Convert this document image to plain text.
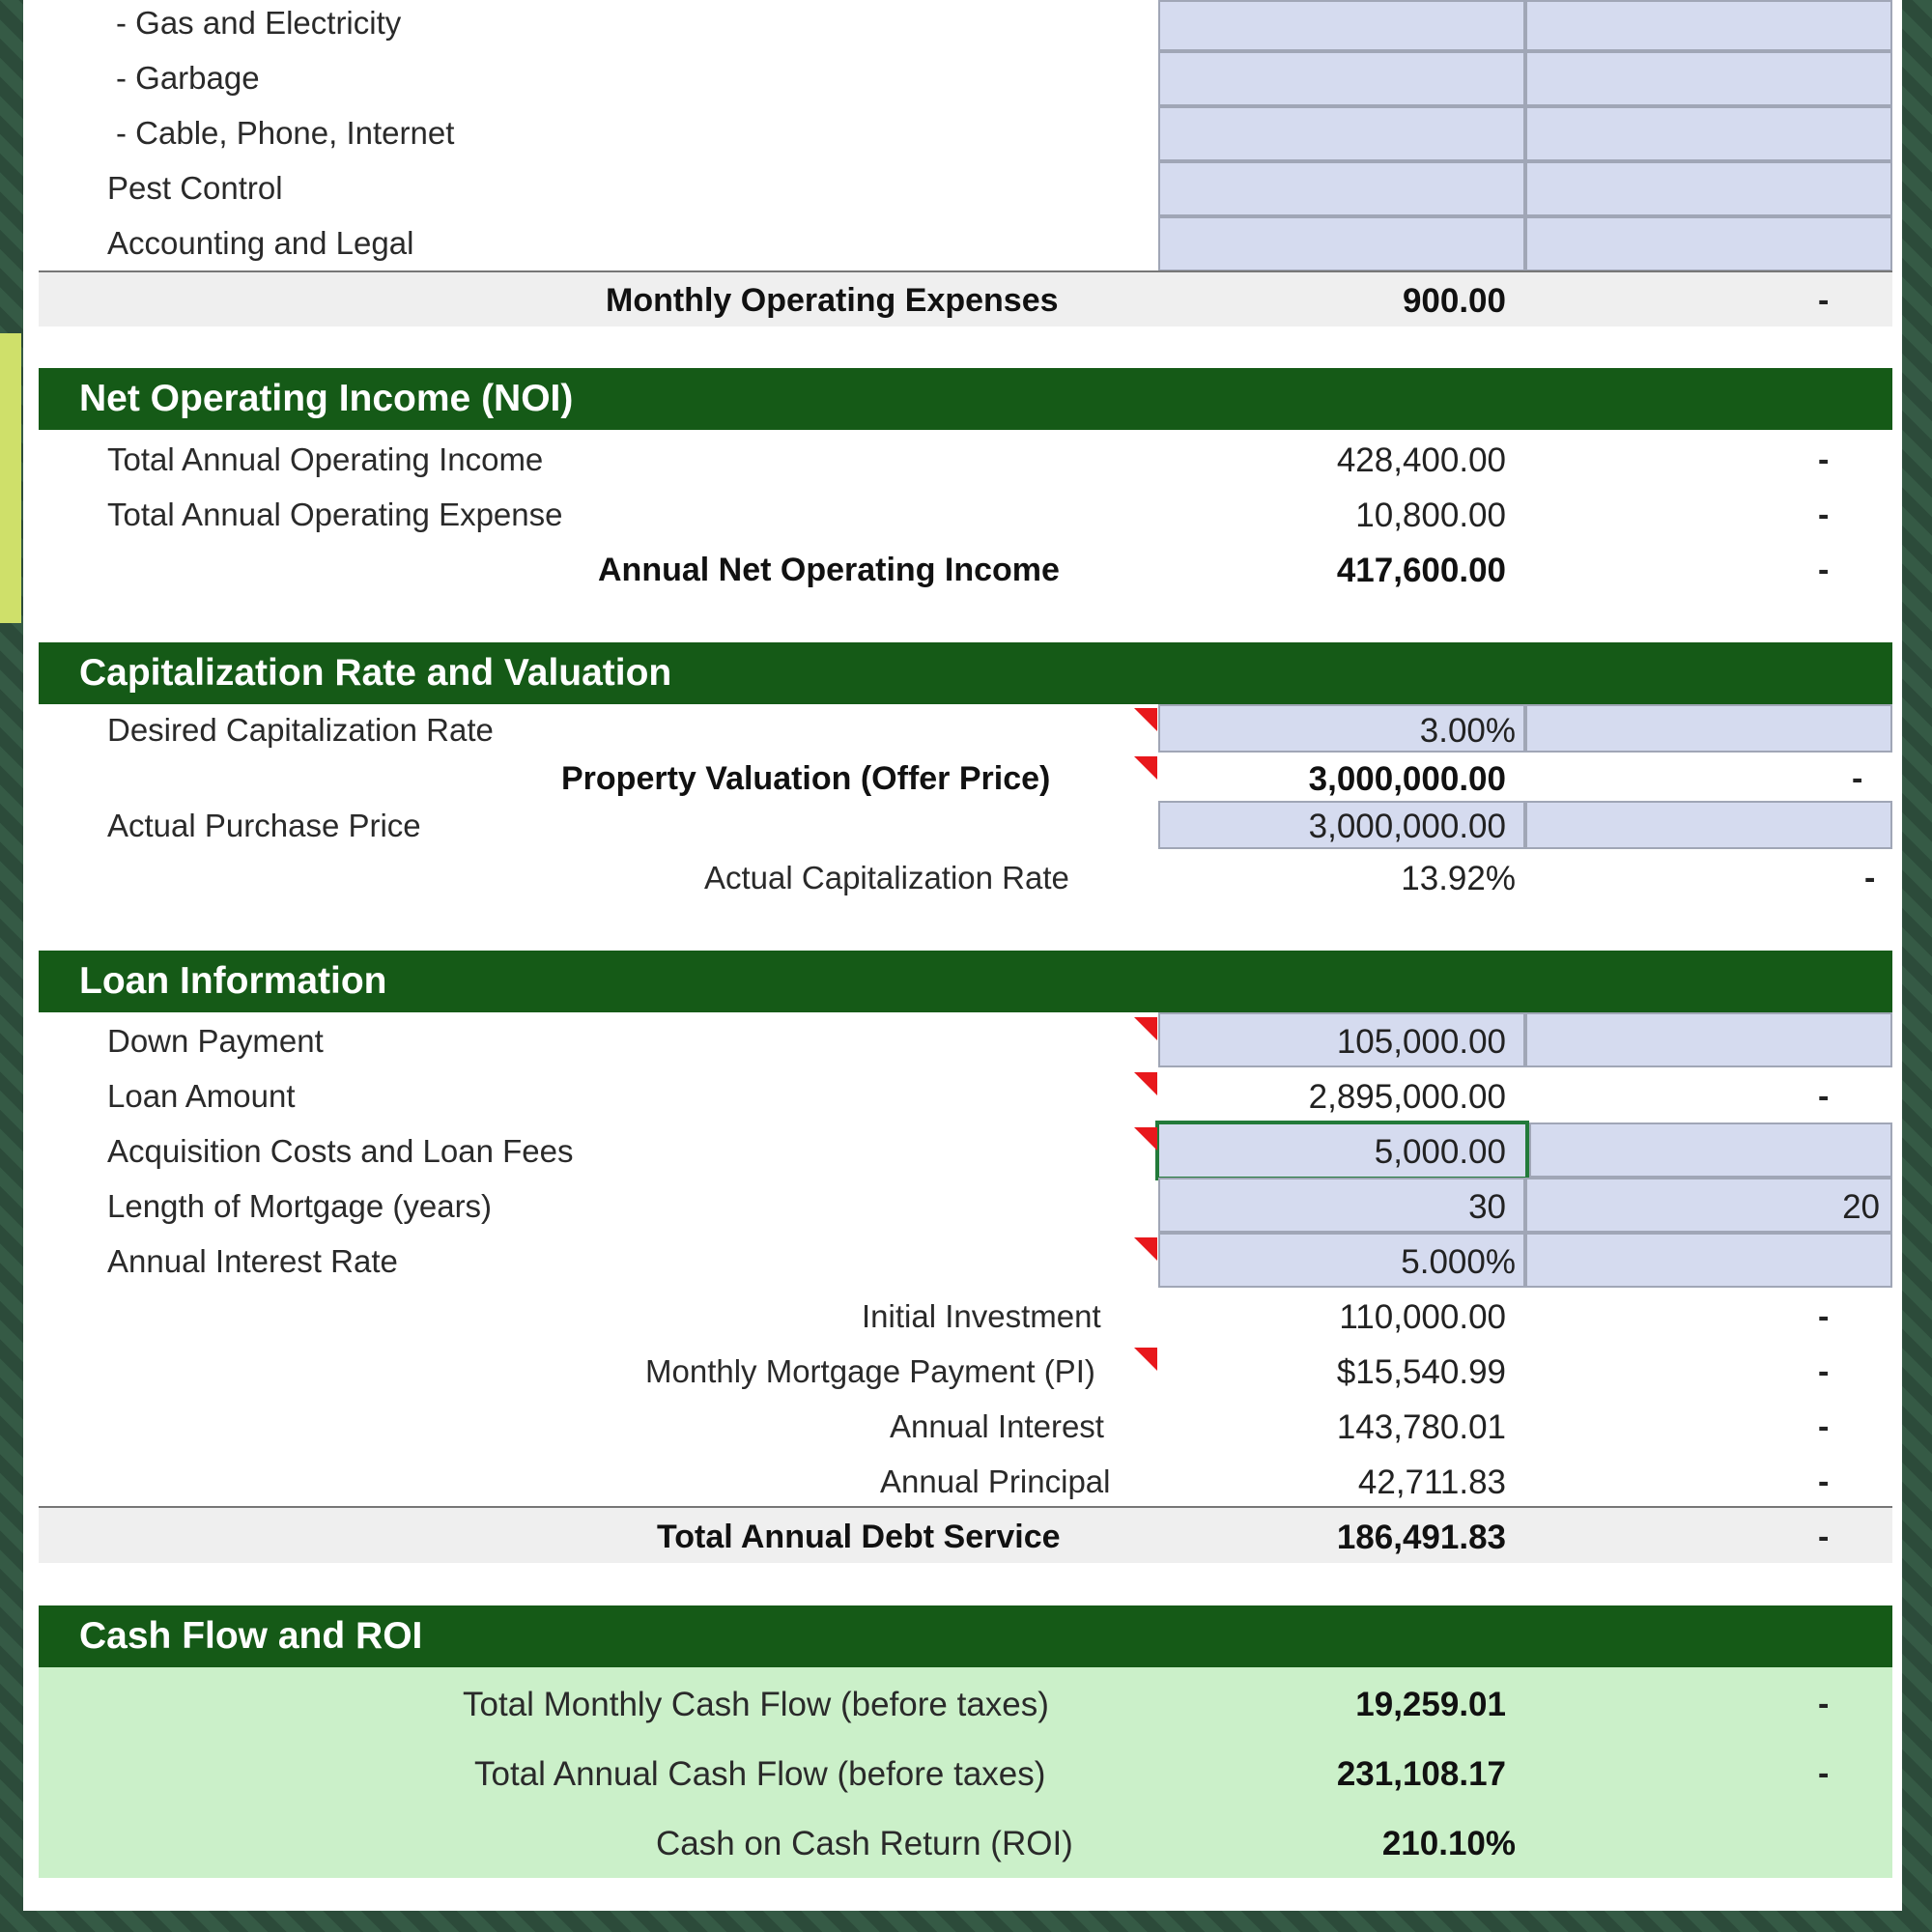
- Gas and Electricity
- Garbage
- Cable, Phone, Internet
Pest Control
Accounting and Legal
Monthly Operating Expenses	900.00	-
Net Operating Income (NOI)
Total Annual Operating Income	428,400.00	-
Total Annual Operating Expense	10,800.00	-
Annual Net Operating Income	417,600.00	-
Capitalization Rate and Valuation
Desired Capitalization Rate	3.00%
Property Valuation (Offer Price)	3,000,000.00	-
Actual Purchase Price	3,000,000.00
Actual Capitalization Rate	13.92%	-
Loan Information
Down Payment	105,000.00
Loan Amount	2,895,000.00	-
Acquisition Costs and Loan Fees	5,000.00
Length of Mortgage (years)	30	20
Annual Interest Rate	5.000%
Initial Investment	110,000.00	-
Monthly Mortgage Payment (PI)	$15,540.99	-
Annual Interest	143,780.01	-
Annual Principal	42,711.83	-
Total Annual Debt Service	186,491.83	-
Cash Flow and ROI
Total Monthly Cash Flow (before taxes)	19,259.01	-
Total Annual Cash Flow (before taxes)	231,108.17	-
Cash on Cash Return (ROI)	210.10%
